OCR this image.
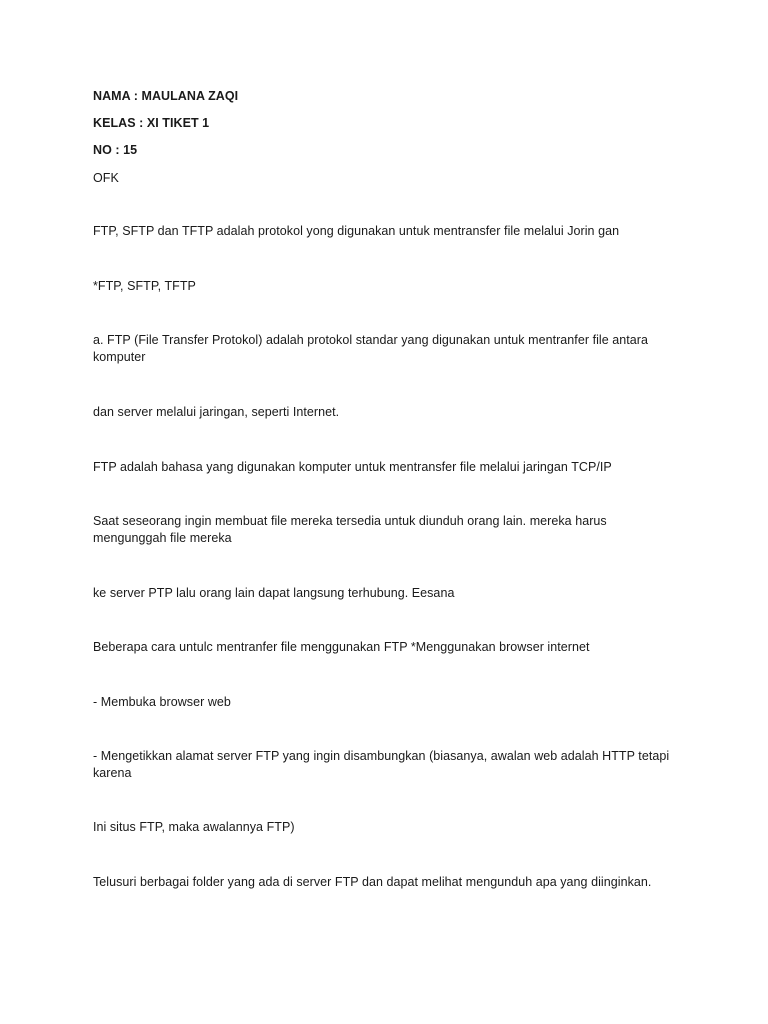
NAMA : MAULANA ZAQI
KELAS : XI TIKET 1
NO : 15
OFK
FTP, SFTP dan TFTP adalah protokol yong digunakan untuk mentransfer file melalui Jorin gan
*FTP, SFTP, TFTP
a. FTP (File Transfer Protokol) adalah protokol standar yang digunakan untuk mentranfer file antara komputer
dan server melalui jaringan, seperti Internet.
FTP adalah bahasa yang digunakan komputer untuk mentransfer file melalui jaringan TCP/IP
Saat seseorang ingin membuat file mereka tersedia untuk diunduh orang lain. mereka harus mengunggah file mereka
ke server PTP lalu orang lain dapat langsung terhubung. Eesana
Beberapa cara untulc mentranfer file menggunakan FTP *Menggunakan browser internet
- Membuka browser web
- Mengetikkan alamat server FTP yang ingin disambungkan (biasanya, awalan web adalah HTTP tetapi karena
Ini situs FTP, maka awalannya FTP)
Telusuri berbagai folder yang ada di server FTP dan dapat melihat mengunduh apa yang diinginkan.
